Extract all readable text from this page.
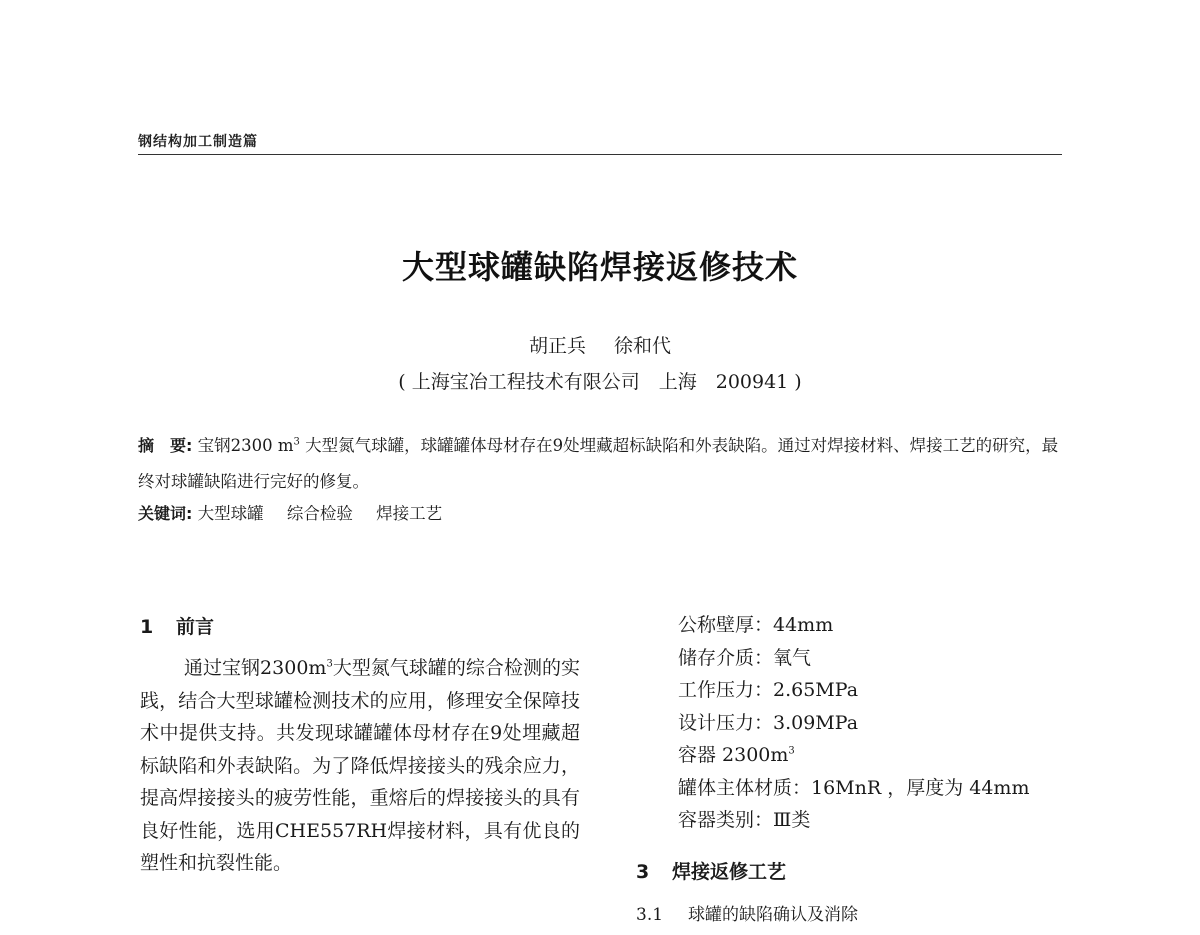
钢结构加工制造篇
大型球罐缺陷焊接返修技术
胡正兵 徐和代
( 上海宝冶工程技术有限公司　上海　200941 )
摘　要: 宝钢2300 $m^3$ 大型氮气球罐，球罐罐体母材存在9处埋藏超标缺陷和外表缺陷。通过对焊接材料、焊接工艺的研究，最终对球罐缺陷进行完好的修复。
关键词: 大型球罐 综合检验 焊接工艺
1 前言
通过宝钢$2300m^3$大型氮气球罐的综合检测的实践，结合大型球罐检测技术的应用，修理安全保障技术中提供支持。共发现球罐罐体母材存在9处埋藏超标缺陷和外表缺陷。为了降低焊接接头的残余应力，提高焊接接头的疲劳性能，重熔后的焊接接头的具有良好性能，选用CHE557RH焊接材料，具有优良的塑性和抗裂性能。
公称壁厚：44mm
储存介质：氧气
工作压力：2.65MPa
设计压力：3.09MPa
容器 $2300m^3$
罐体主体材质：16MnR ，厚度为 44mm
容器类别：Ⅲ类
3 焊接返修工艺
3.1 球罐的缺陷确认及消除
